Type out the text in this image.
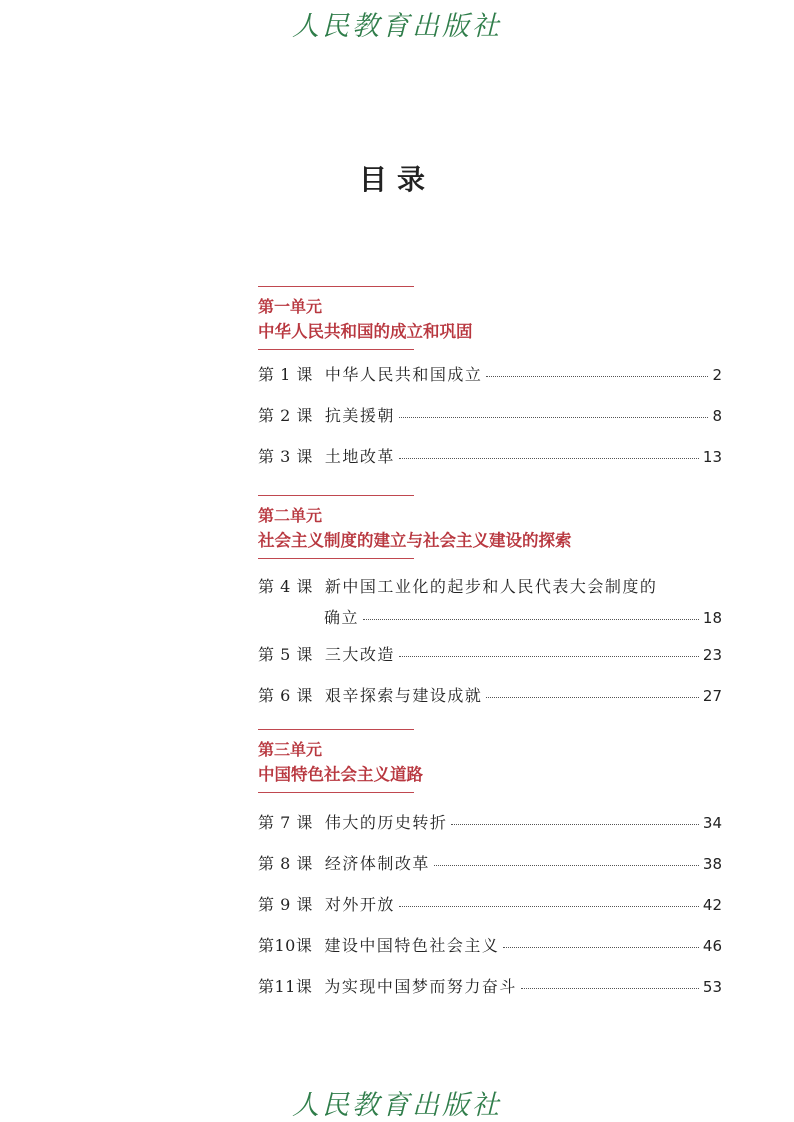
人民教育出版社
目录
第一单元
中华人民共和国的成立和巩固
第 1 课 中华人民共和国成立	2
第 2 课 抗美援朝	8
第 3 课 土地改革	13
第二单元
社会主义制度的建立与社会主义建设的探索
第 4 课 新中国工业化的起步和人民代表大会制度的
确立	18
第 5 课 三大改造	23
第 6 课 艰辛探索与建设成就	27
第三单元
中国特色社会主义道路
第 7 课 伟大的历史转折	34
第 8 课 经济体制改革	38
第 9 课 对外开放	42
第10课 建设中国特色社会主义	46
第11课 为实现中国梦而努力奋斗	53
人民教育出版社
